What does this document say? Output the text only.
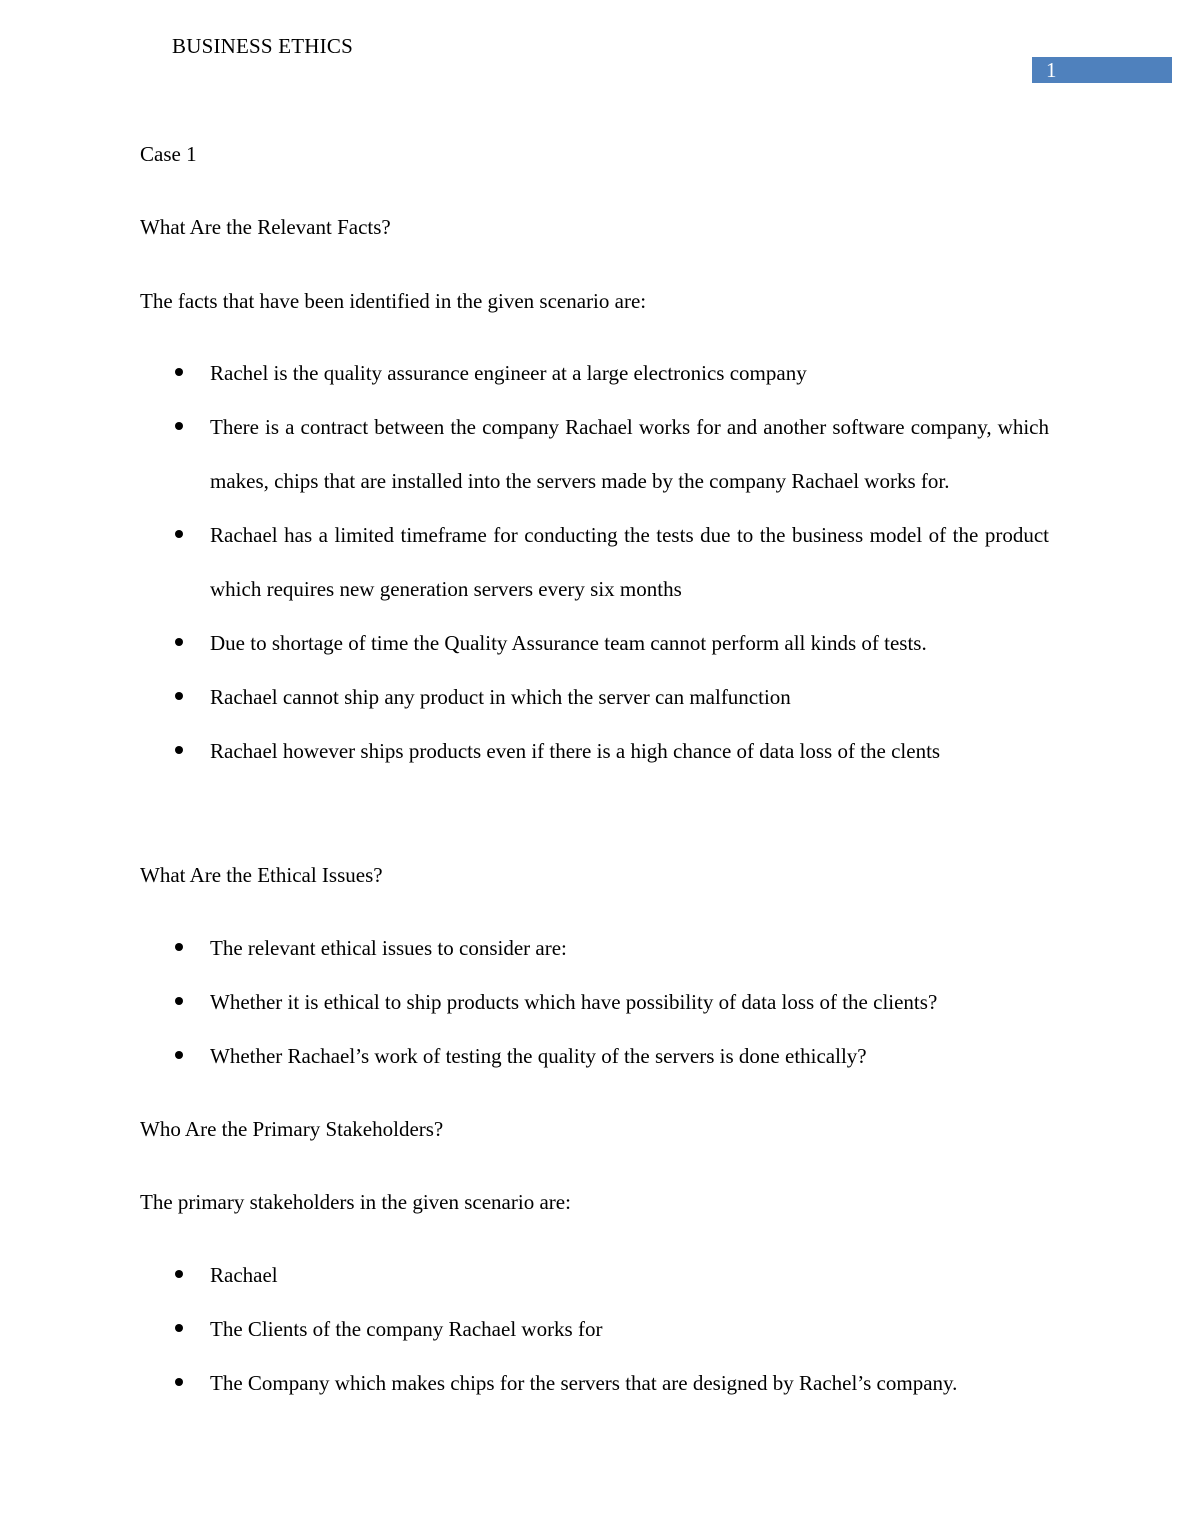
BUSINESS ETHICS
1

Case 1

What Are the Relevant Facts?

The facts that have been identified in the given scenario are:

Rachel is the quality assurance engineer at a large electronics company
There is a contract between the company Rachael works for and another software company, which makes, chips that are installed into the servers made by the company Rachael works for.
Rachael has a limited timeframe for conducting the tests due to the business model of the product which requires new generation servers every six months
Due to shortage of time the Quality Assurance team cannot perform all kinds of tests.
Rachael cannot ship any product in which the server can malfunction
Rachael however ships products even if there is a high chance of data loss of the clents

What Are the Ethical Issues?

The relevant ethical issues to consider are:
Whether it is ethical to ship products which have possibility of data loss of the clients?
Whether Rachael’s work of testing the quality of the servers is done ethically?

Who Are the Primary Stakeholders?

The primary stakeholders in the given scenario are:

Rachael
The Clients of the company Rachael works for
The Company which makes chips for the servers that are designed by Rachel’s company.
